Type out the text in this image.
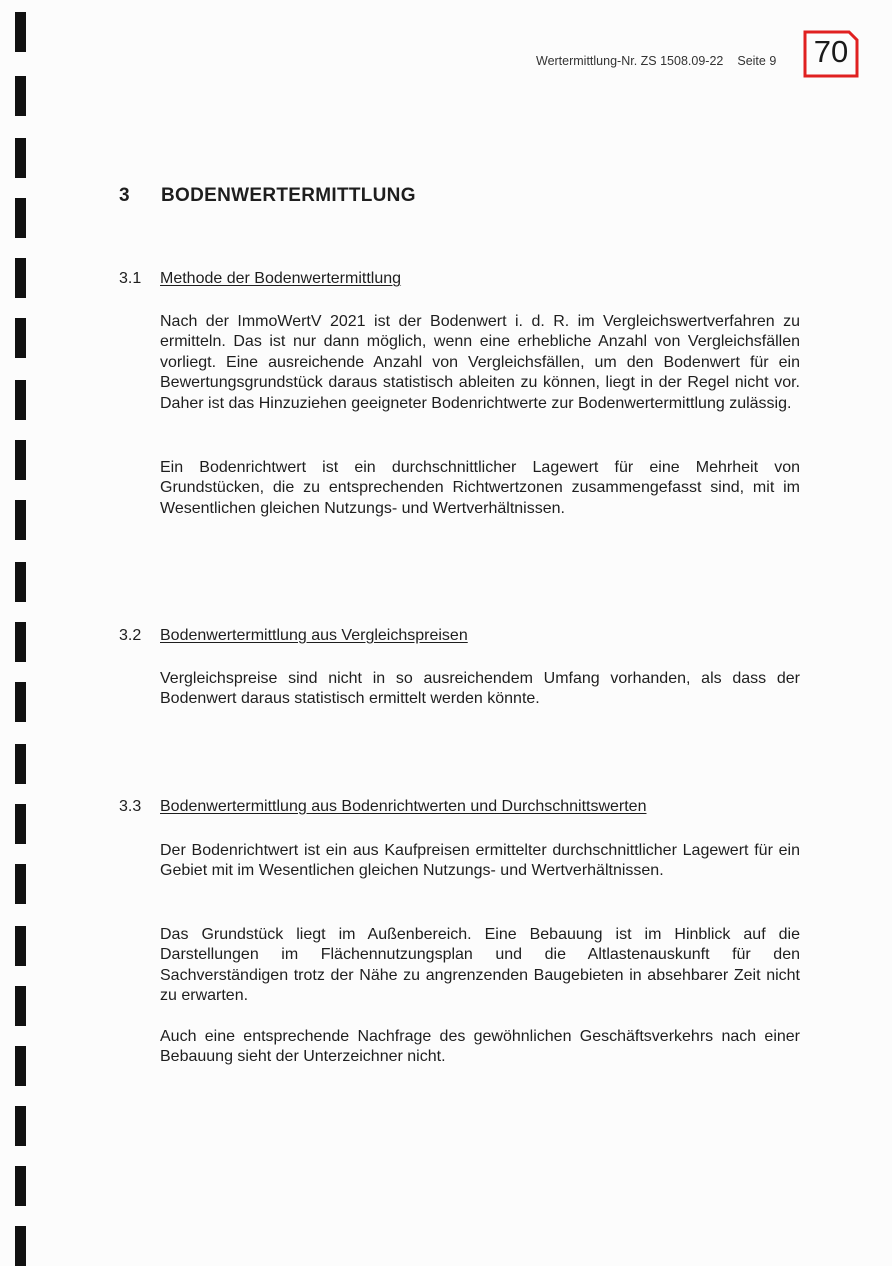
Wertermittlung-Nr. ZS 1508.09-22 Seite 9	70
3 BODENWERTERMITTLUNG
3.1 Methode der Bodenwertermittlung

Nach der ImmoWertV 2021 ist der Bodenwert i. d. R. im Vergleichswertverfahren zu ermitteln. Das ist nur dann möglich, wenn eine erhebliche Anzahl von Vergleichsfällen vorliegt. Eine ausreichende Anzahl von Vergleichsfällen, um den Bodenwert für ein Bewertungsgrundstück daraus statistisch ableiten zu können, liegt in der Regel nicht vor. Daher ist das Hinzuziehen geeigneter Bodenrichtwerte zur Bodenwertermittlung zulässig.

Ein Bodenrichtwert ist ein durchschnittlicher Lagewert für eine Mehrheit von Grundstücken, die zu entsprechenden Richtwertzonen zusammengefasst sind, mit im Wesentlichen gleichen Nutzungs- und Wertverhältnissen.

3.2 Bodenwertermittlung aus Vergleichspreisen

Vergleichspreise sind nicht in so ausreichendem Umfang vorhanden, als dass der Bodenwert daraus statistisch ermittelt werden könnte.

3.3 Bodenwertermittlung aus Bodenrichtwerten und Durchschnittswerten

Der Bodenrichtwert ist ein aus Kaufpreisen ermittelter durchschnittlicher Lagewert für ein Gebiet mit im Wesentlichen gleichen Nutzungs- und Wertverhältnissen.

Das Grundstück liegt im Außenbereich. Eine Bebauung ist im Hinblick auf die Darstellungen im Flächennutzungsplan und die Altlastenauskunft für den Sachverständigen trotz der Nähe zu angrenzenden Baugebieten in absehbarer Zeit nicht zu erwarten.

Auch eine entsprechende Nachfrage des gewöhnlichen Geschäftsverkehrs nach einer Bebauung sieht der Unterzeichner nicht.
